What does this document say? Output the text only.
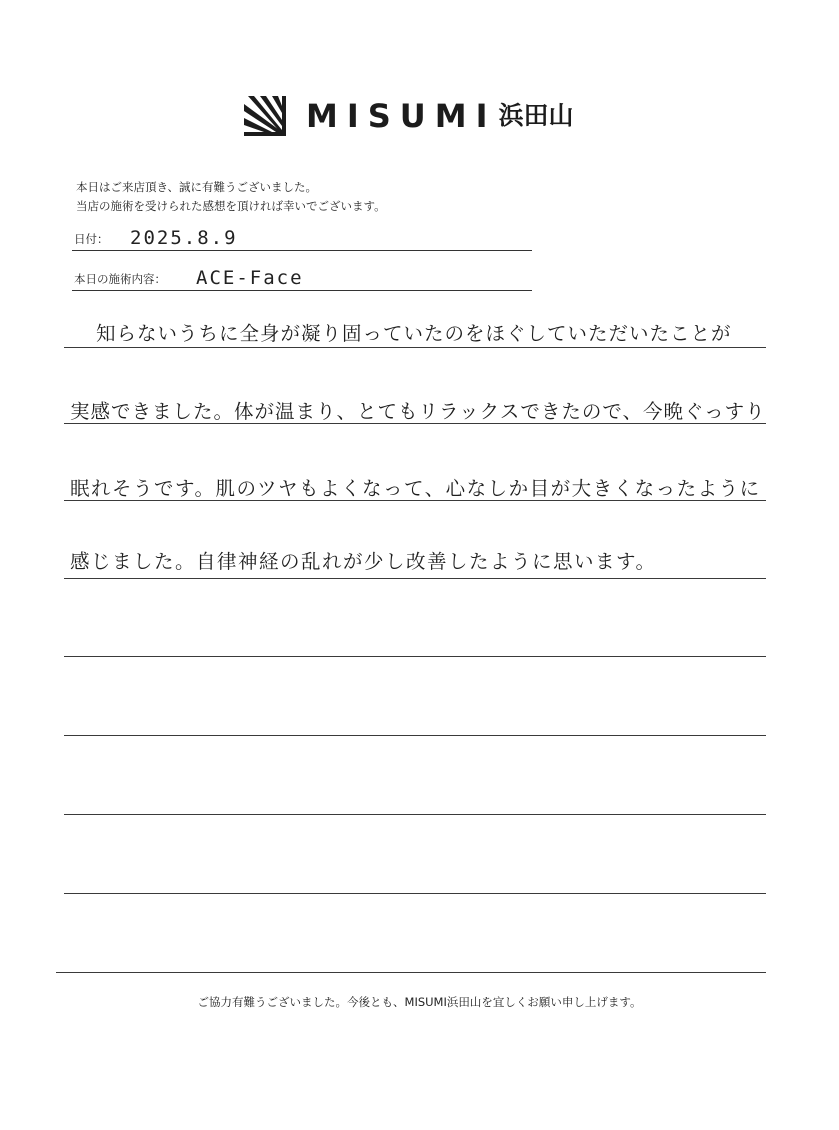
MISUMI 浜田山
本日はご来店頂き、誠に有難うございました。
当店の施術を受けられた感想を頂ければ幸いでございます。
日付： 2025.8.9
本日の施術内容： ACE-Face
知らないうちに全身が凝り固っていたのをほぐしていただいたことが
実感できました。体が温まり、とてもリラックスできたので、今晩ぐっすり
眠れそうです。肌のツヤもよくなって、心なしか目が大きくなったように
感じました。自律神経の乱れが少し改善したように思います。
ご協力有難うございました。今後とも、MISUMI浜田山を宜しくお願い申し上げます。
